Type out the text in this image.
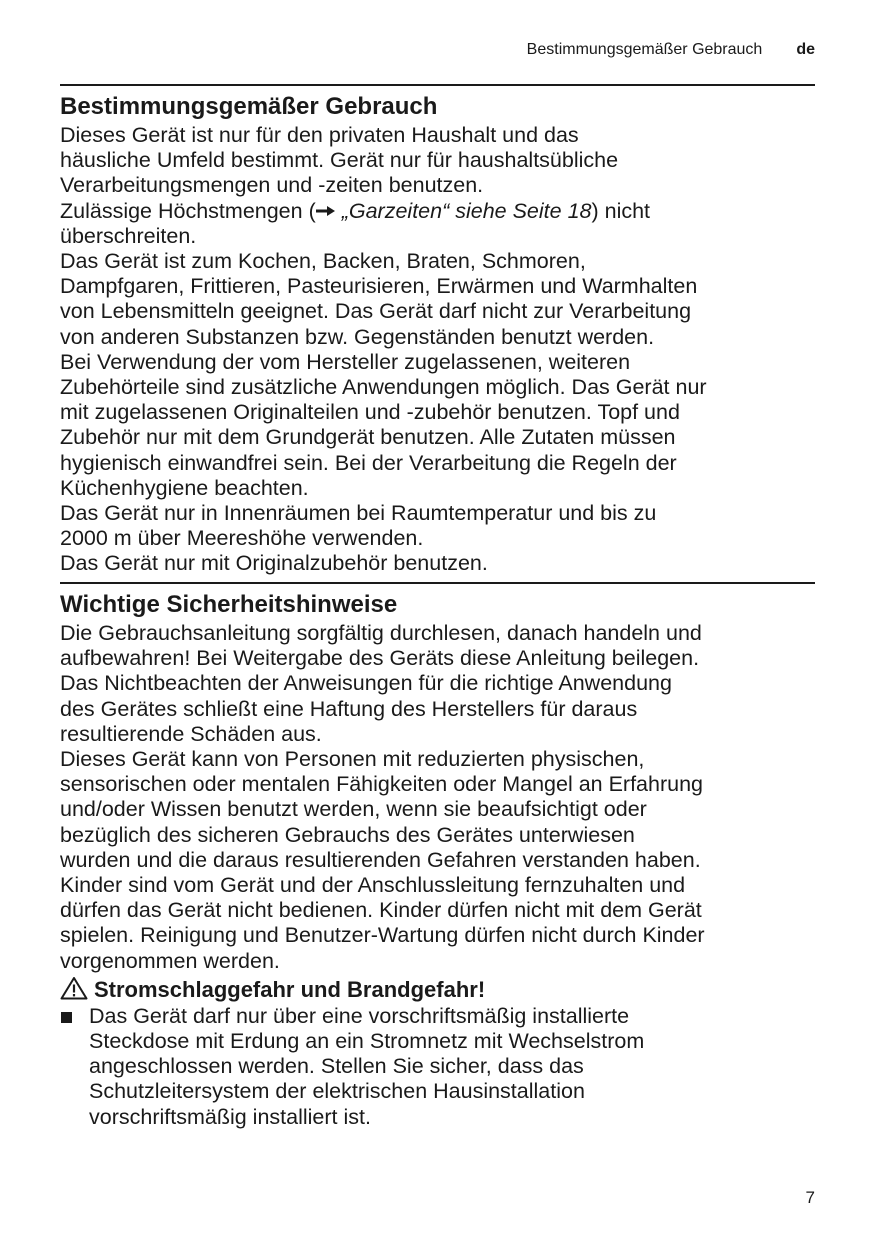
Bestimmungsgemäßer Gebrauch de
Bestimmungsgemäßer Gebrauch
Dieses Gerät ist nur für den privaten Haushalt und das
häusliche Umfeld bestimmt. Gerät nur für haushaltsübliche
Verarbeitungsmengen und -zeiten benutzen.
Zulässige Höchstmengen ( „Garzeiten“ siehe Seite 18) nicht
überschreiten.
Das Gerät ist zum Kochen, Backen, Braten, Schmoren,
Dampfgaren, Frittieren, Pasteurisieren, Erwärmen und Warmhalten
von Lebensmitteln geeignet. Das Gerät darf nicht zur Verarbeitung
von anderen Substanzen bzw. Gegenständen benutzt werden.
Bei Verwendung der vom Hersteller zugelassenen, weiteren
Zubehörteile sind zusätzliche Anwendungen möglich. Das Gerät nur
mit zugelassenen Originalteilen und -zubehör benutzen. Topf und
Zubehör nur mit dem Grundgerät benutzen. Alle Zutaten müssen
hygienisch einwandfrei sein. Bei der Verarbeitung die Regeln der
Küchenhygiene beachten.
Das Gerät nur in Innenräumen bei Raumtemperatur und bis zu
2000 m über Meereshöhe verwenden.
Das Gerät nur mit Originalzubehör benutzen.
Wichtige Sicherheitshinweise
Die Gebrauchsanleitung sorgfältig durchlesen, danach handeln und
aufbewahren! Bei Weitergabe des Geräts diese Anleitung beilegen.
Das Nichtbeachten der Anweisungen für die richtige Anwendung
des Gerätes schließt eine Haftung des Herstellers für daraus
resultierende Schäden aus.
Dieses Gerät kann von Personen mit reduzierten physischen,
sensorischen oder mentalen Fähigkeiten oder Mangel an Erfahrung
und/oder Wissen benutzt werden, wenn sie beaufsichtigt oder
bezüglich des sicheren Gebrauchs des Gerätes unterwiesen
wurden und die daraus resultierenden Gefahren verstanden haben.
Kinder sind vom Gerät und der Anschlussleitung fernzuhalten und
dürfen das Gerät nicht bedienen. Kinder dürfen nicht mit dem Gerät
spielen. Reinigung und Benutzer-Wartung dürfen nicht durch Kinder
vorgenommen werden.
Stromschlaggefahr und Brandgefahr!
Das Gerät darf nur über eine vorschriftsmäßig installierte
Steckdose mit Erdung an ein Stromnetz mit Wechselstrom
angeschlossen werden. Stellen Sie sicher, dass das
Schutzleitersystem der elektrischen Hausinstallation
vorschriftsmäßig installiert ist.
7
